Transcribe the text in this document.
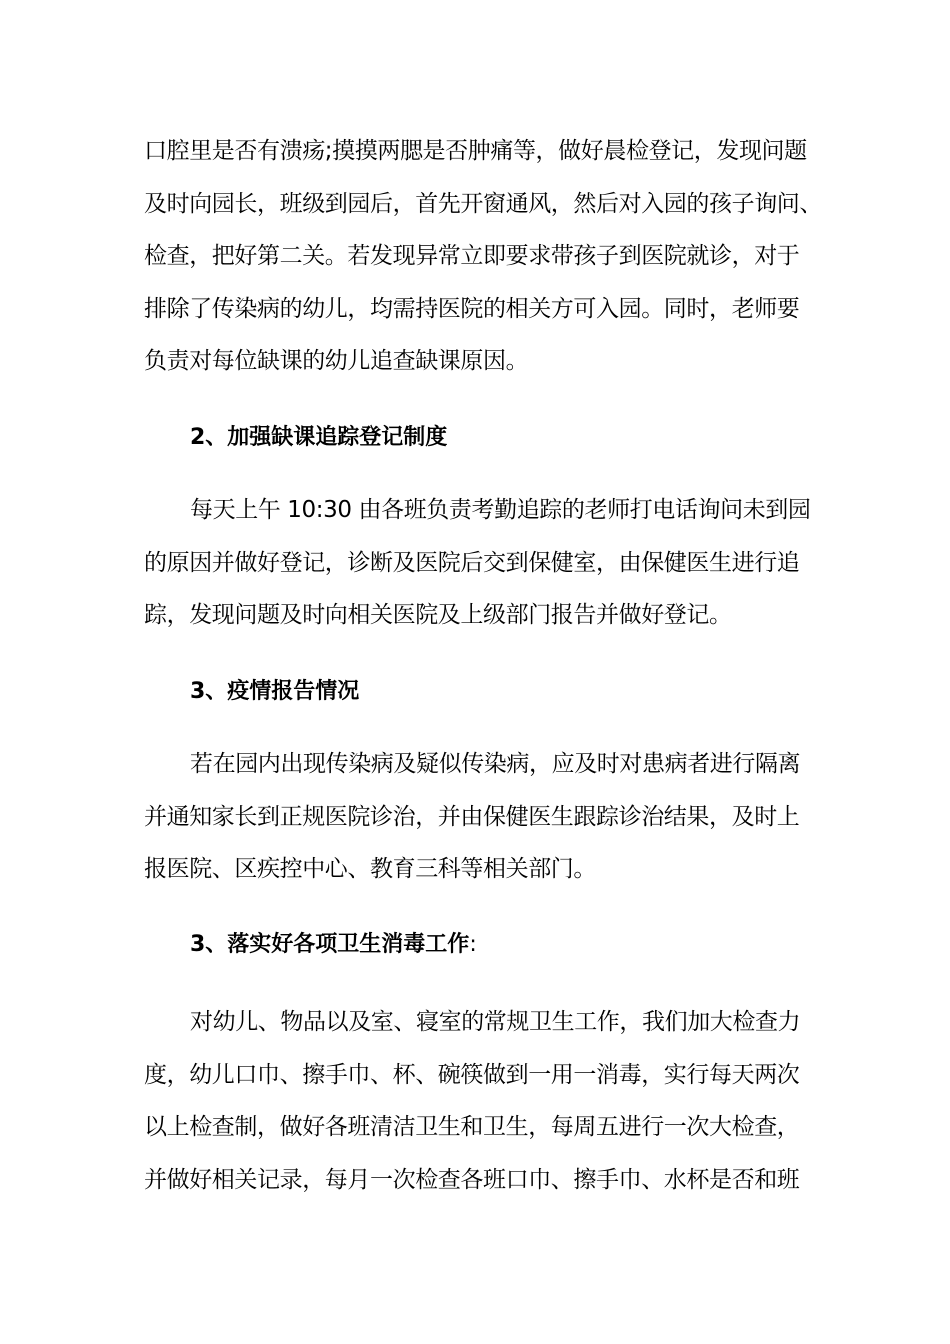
口腔里是否有溃疡;摸摸两腮是否肿痛等，做好晨检登记，发现问题
及时向园长，班级到园后，首先开窗通风，然后对入园的孩子询问、
检查，把好第二关。若发现异常立即要求带孩子到医院就诊，对于
排除了传染病的幼儿，均需持医院的相关方可入园。同时，老师要
负责对每位缺课的幼儿追查缺课原因。

2、加强缺课追踪登记制度

每天上午 10:30 由各班负责考勤追踪的老师打电话询问未到园
的原因并做好登记，诊断及医院后交到保健室，由保健医生进行追
踪，发现问题及时向相关医院及上级部门报告并做好登记。

3、疫情报告情况

若在园内出现传染病及疑似传染病，应及时对患病者进行隔离
并通知家长到正规医院诊治，并由保健医生跟踪诊治结果，及时上
报医院、区疾控中心、教育三科等相关部门。

3、落实好各项卫生消毒工作:

对幼儿、物品以及室、寝室的常规卫生工作，我们加大检查力
度，幼儿口巾、擦手巾、杯、碗筷做到一用一消毒，实行每天两次
以上检查制，做好各班清洁卫生和卫生，每周五进行一次大检查，
并做好相关记录，每月一次检查各班口巾、擦手巾、水杯是否和班
